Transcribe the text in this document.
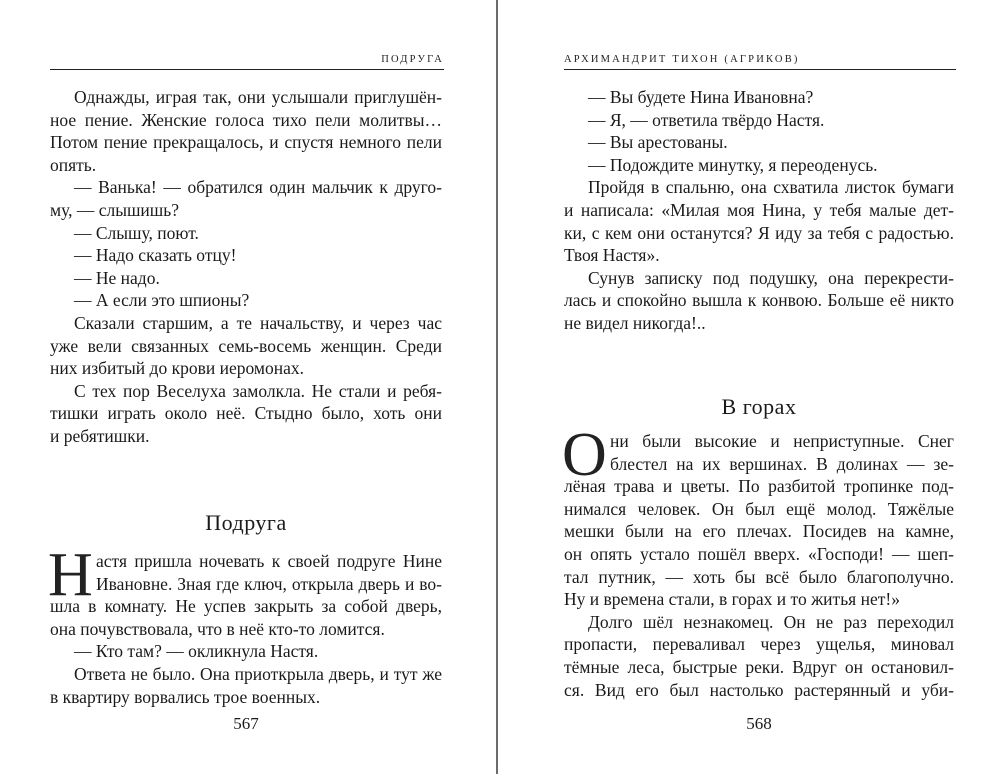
ПОДРУГА
Однажды, играя так, они услышали приглушён-
ное пение. Женские голоса тихо пели молитвы…
Потом пение прекращалось, и спустя немного пели
опять.
— Ванька! — обратился один мальчик к друго-
му, — слышишь?
— Слышу, поют.
— Надо сказать отцу!
— Не надо.
— А если это шпионы?
Сказали старшим, а те начальству, и через час
уже вели связанных семь-восемь женщин. Среди
них избитый до крови иеромонах.
С тех пор Веселуха замолкла. Не стали и ребя-
тишки играть около неё. Стыдно было, хоть они
и ребятишки.
Подруга
Н астя пришла ночевать к своей подруге Нине
Ивановне. Зная где ключ, открыла дверь и во-
шла в комнату. Не успев закрыть за собой дверь,
она почувствовала, что в неё кто-то ломится.
— Кто там? — окликнула Настя.
Ответа не было. Она приоткрыла дверь, и тут же
в квартиру ворвались трое военных.
567
АРХИМАНДРИТ ТИХОН (АГРИКОВ)
— Вы будете Нина Ивановна?
— Я, — ответила твёрдо Настя.
— Вы арестованы.
— Подождите минутку, я переоденусь.
Пройдя в спальню, она схватила листок бумаги
и написала: «Милая моя Нина, у тебя малые дет-
ки, с кем они останутся? Я иду за тебя с радостью.
Твоя Настя».
Сунув записку под подушку, она перекрести-
лась и спокойно вышла к конвою. Больше её никто
не видел никогда!..
В горах
О ни были высокие и неприступные. Снег
блестел на их вершинах. В долинах — зе-
лёная трава и цветы. По разбитой тропинке под-
нимался человек. Он был ещё молод. Тяжёлые
мешки были на его плечах. Посидев на камне,
он опять устало пошёл вверх. «Господи! — шеп-
тал путник, — хоть бы всё было благополучно.
Ну и времена стали, в горах и то житья нет!»
Долго шёл незнакомец. Он не раз переходил
пропасти, переваливал через ущелья, миновал
тёмные леса, быстрые реки. Вдруг он остановил-
ся. Вид его был настолько растерянный и уби-
568
